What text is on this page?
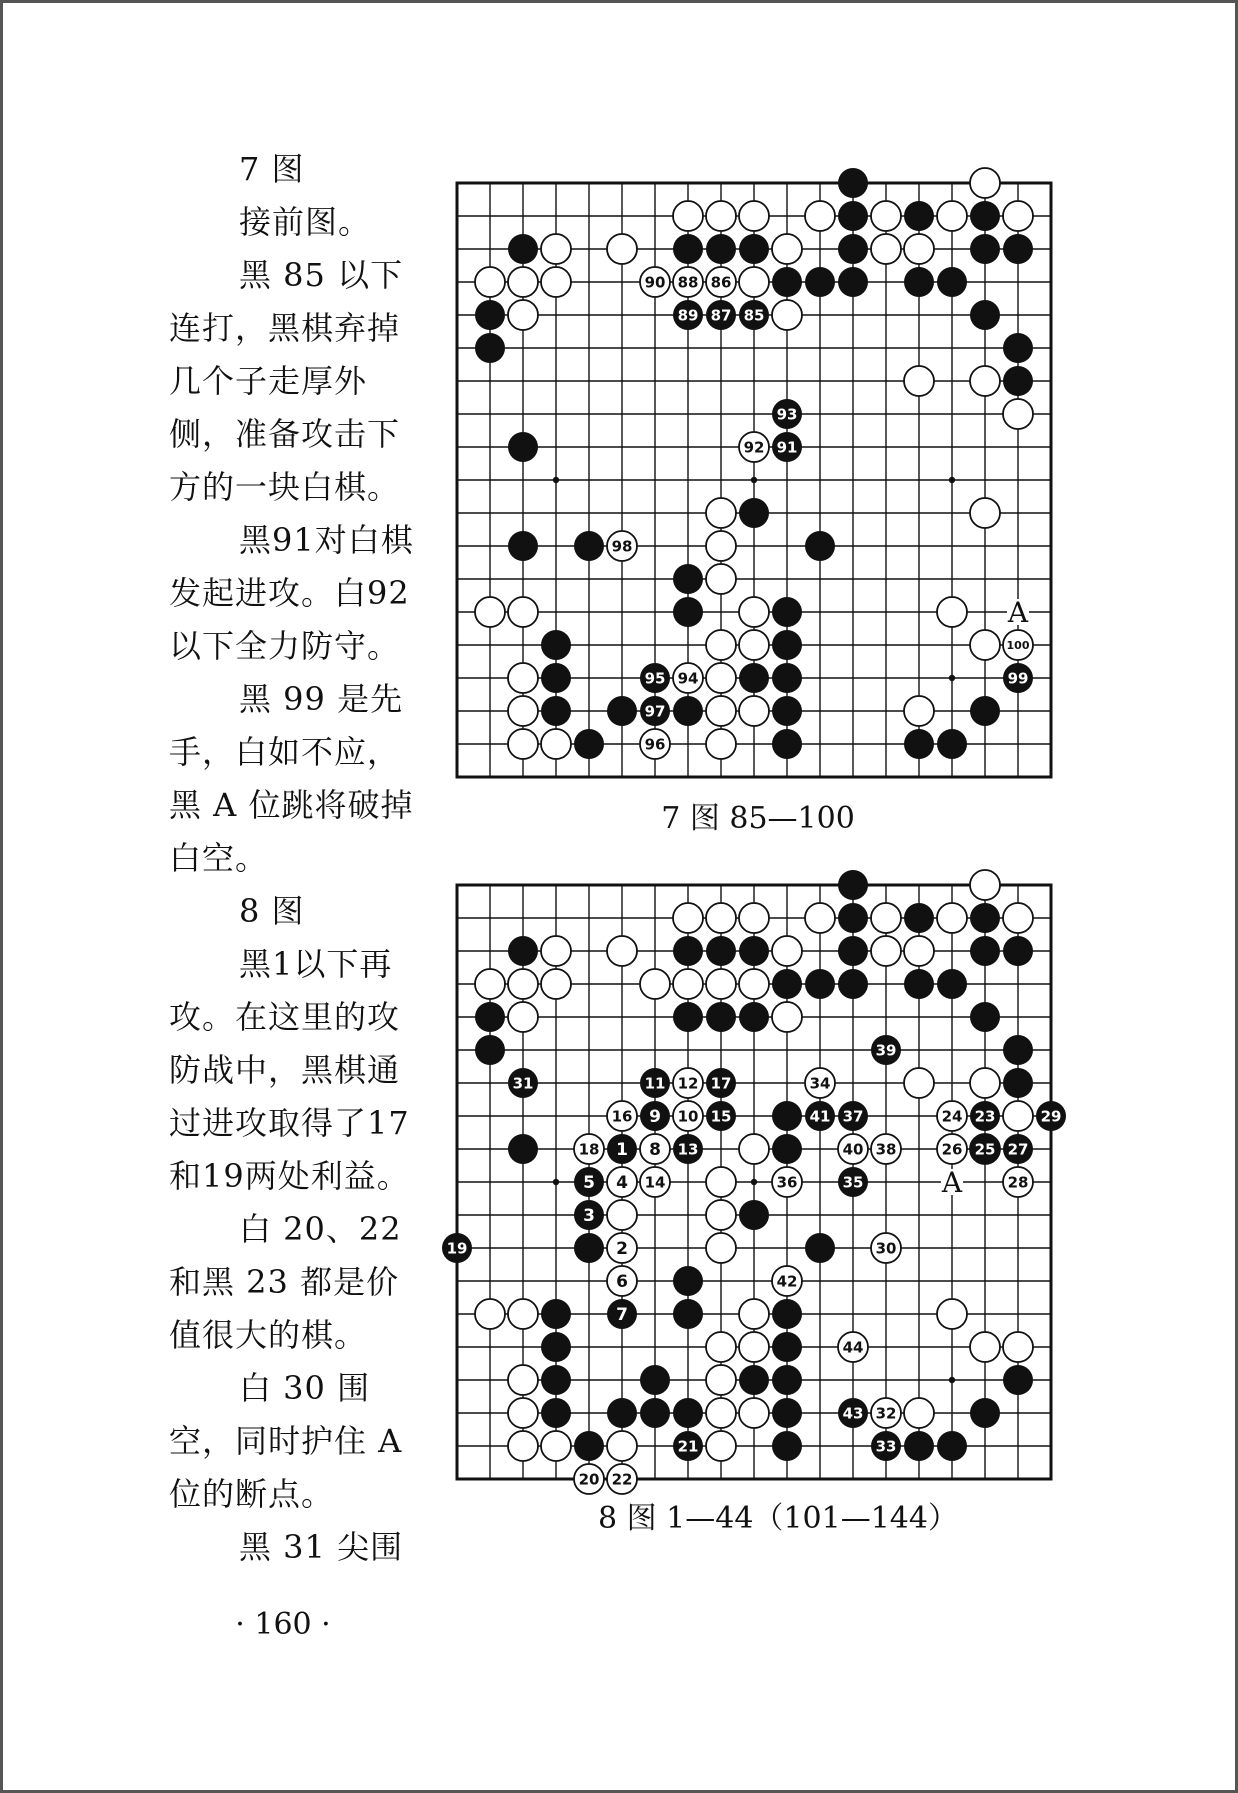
7 图
接前图。
黑 85 以下连打，黑棋弃掉几个子走厚外侧，准备攻击下方的一块白棋。
黑91对白棋发起进攻。白92以下全力防守。
黑 99 是先手，白如不应，黑 A 位跳将破掉白空。
8 图
黑1以下再攻。在这里的攻防战中，黑棋通过进攻取得了17和19两处利益。
白 20、22 和黑 23 都是价值很大的棋。
白 30 围空，同时护住 A 位的断点。
黑 31 尖围
86
88
90
92
94
96
98
100
85
87
89
91
93
95
97
99
A
7 图 85—100
2
4
6
8
10
12
14
16
18
20 22
24
26
28
30
32
34
36
38
40
42
44
1
3
5
7
9
11
13
15
17
19
21
23
25 27
29
31
33
35
37
39
41
43
A
8 图 1—44（101—144）
· 160 ·
